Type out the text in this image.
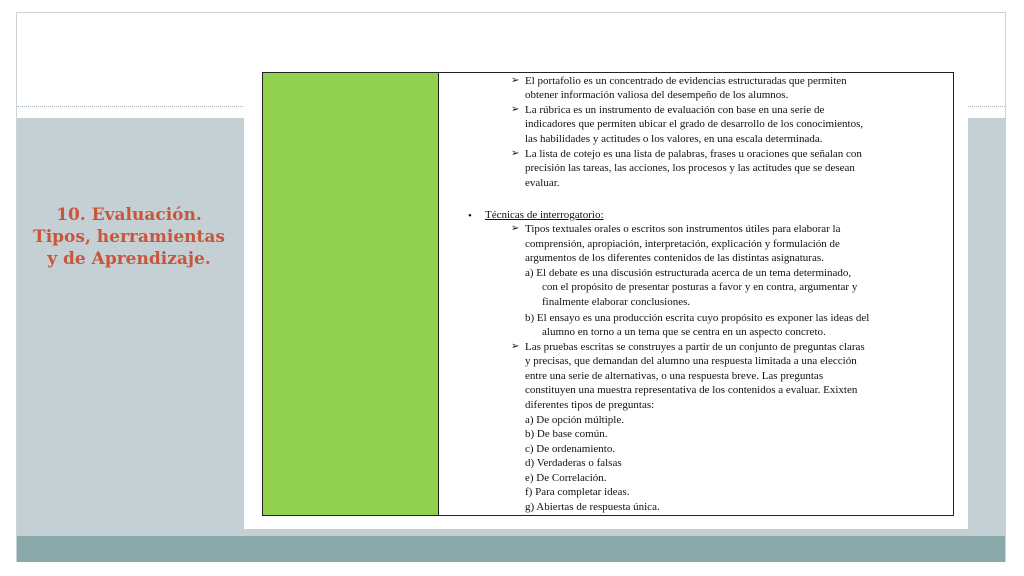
10. Evaluación.
Tipos, herramientas
y de Aprendizaje.
➢
➢
➢
•
➢
➢
El portafolio es un concentrado de evidencias estructuradas que permiten
obtener información valiosa del desempeño de los alumnos.
La rúbrica es un instrumento de evaluación con base en una serie de
indicadores que permiten ubicar el grado de desarrollo de los conocimientos,
las habilidades y actitudes o los valores, en una escala determinada.
La lista de cotejo es una lista de palabras, frases u oraciones que señalan con
precisión las tareas, las acciones, los procesos y las actitudes que se desean
evaluar.
Técnicas de interrogatorio:
Tipos textuales orales o escritos son instrumentos útiles para elaborar la
comprensión, apropiación, interpretación, explicación y formulación de
argumentos de los diferentes contenidos de las distintas asignaturas.
a) El debate es una discusión estructurada acerca de un tema determinado,
con el propósito de presentar posturas a favor y en contra, argumentar y
finalmente elaborar conclusiones.
b) El ensayo es una producción escrita cuyo propósito es exponer las ideas del
alumno en torno a un tema que se centra en un aspecto concreto.
Las pruebas escritas se construyes a partir de un conjunto de preguntas claras
y precisas, que demandan del alumno una respuesta limitada a una elección
entre una serie de alternativas, o una respuesta breve. Las preguntas
constituyen una muestra representativa de los contenidos a evaluar. Exixten
diferentes tipos de preguntas:
a) De opción múltiple.
b) De base común.
c) De ordenamiento.
d) Verdaderas o falsas
e) De Correlación.
f) Para completar ideas.
g) Abiertas de respuesta única.
